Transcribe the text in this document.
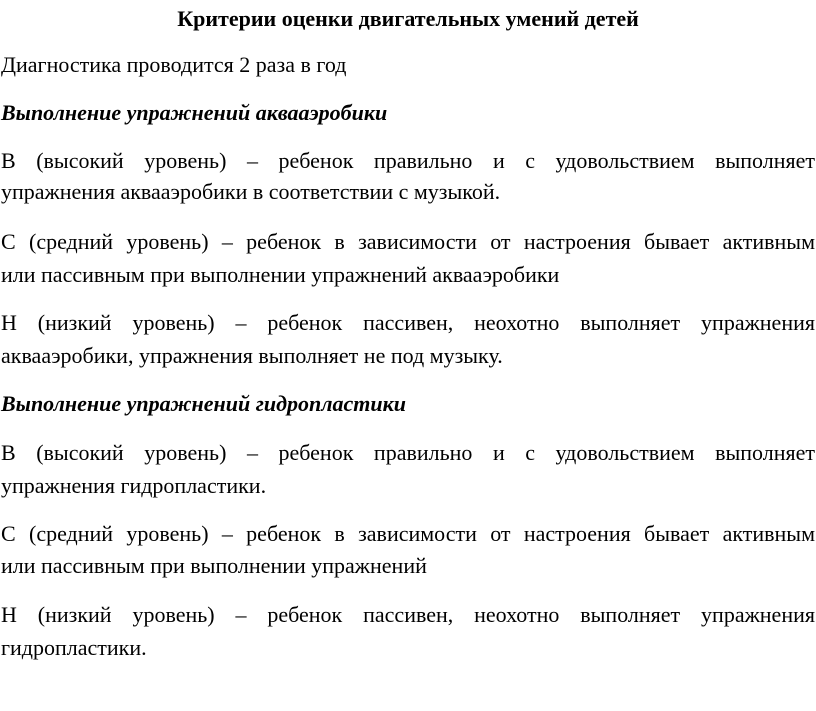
Критерии оценки двигательных умений детей
Диагностика проводится 2 раза в год
Выполнение упражнений аквааэробики
В (высокий уровень) – ребенок правильно и с удовольствием выполняет
упражнения аквааэробики в соответствии с музыкой.
С (средний уровень) – ребенок в зависимости от настроения бывает активным
или пассивным при выполнении упражнений аквааэробики
Н (низкий уровень) – ребенок пассивен, неохотно выполняет упражнения
аквааэробики, упражнения выполняет не под музыку.
Выполнение упражнений гидропластики
В (высокий уровень) – ребенок правильно и с удовольствием выполняет
упражнения гидропластики.
С (средний уровень) – ребенок в зависимости от настроения бывает активным
или пассивным при выполнении упражнений
Н (низкий уровень) – ребенок пассивен, неохотно выполняет упражнения
гидропластики.
